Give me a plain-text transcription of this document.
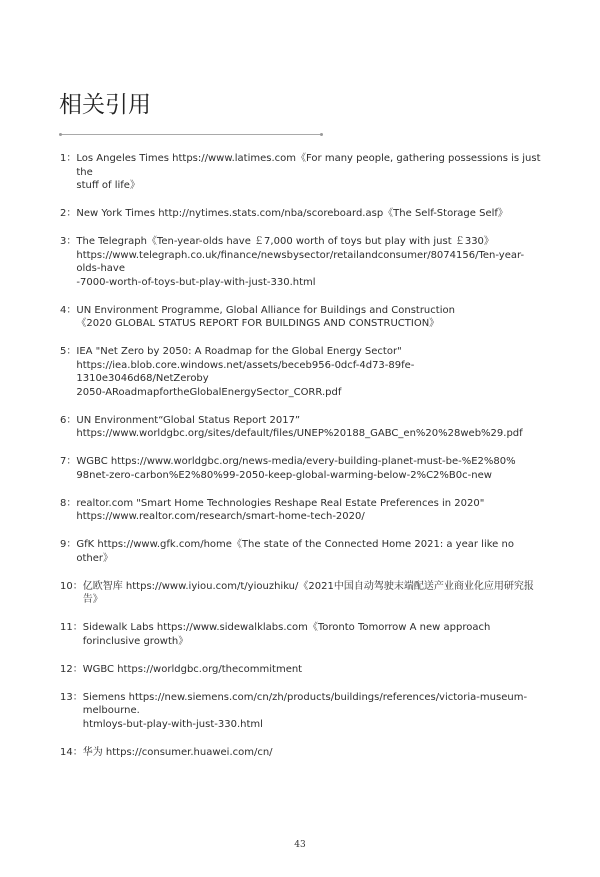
相关引用
1： Los Angeles Times https://www.latimes.com《For many people, gathering possessions is just the
stuff of life》
2： New York Times http://nytimes.stats.com/nba/scoreboard.asp《The Self-Storage Self》
3： The Telegraph《Ten-year-olds have ￡7,000 worth of toys but play with just ￡330》
https://www.telegraph.co.uk/finance/newsbysector/retailandconsumer/8074156/Ten-year-olds-have
-7000-worth-of-toys-but-play-with-just-330.html
4： UN Environment Programme, Global Alliance for Buildings and Construction
《2020 GLOBAL STATUS REPORT FOR BUILDINGS AND CONSTRUCTION》
5： IEA "Net Zero by 2050: A Roadmap for the Global Energy Sector"
https://iea.blob.core.windows.net/assets/beceb956-0dcf-4d73-89fe-1310e3046d68/NetZeroby
2050-ARoadmapfortheGlobalEnergySector_CORR.pdf
6： UN Environment“Global Status Report 2017”
https://www.worldgbc.org/sites/default/files/UNEP%20188_GABC_en%20%28web%29.pdf
7： WGBC https://www.worldgbc.org/news-media/every-building-planet-must-be-%E2%80%
98net-zero-carbon%E2%80%99-2050-keep-global-warming-below-2%C2%B0c-new
8： realtor.com "Smart Home Technologies Reshape Real Estate Preferences in 2020"
https://www.realtor.com/research/smart-home-tech-2020/
9： GfK https://www.gfk.com/home《The state of the Connected Home 2021: a year like no other》
10： 亿欧智库 https://www.iyiou.com/t/yiouzhiku/《2021中国自动驾驶末端配送产业商业化应用研究报告》
11： Sidewalk Labs https://www.sidewalklabs.com《Toronto Tomorrow A new approach forinclusive growth》
12： WGBC https://worldgbc.org/thecommitment
13： Siemens https://new.siemens.com/cn/zh/products/buildings/references/victoria-museum-melbourne.
htmloys-but-play-with-just-330.html
14： 华为 https://consumer.huawei.com/cn/
43
